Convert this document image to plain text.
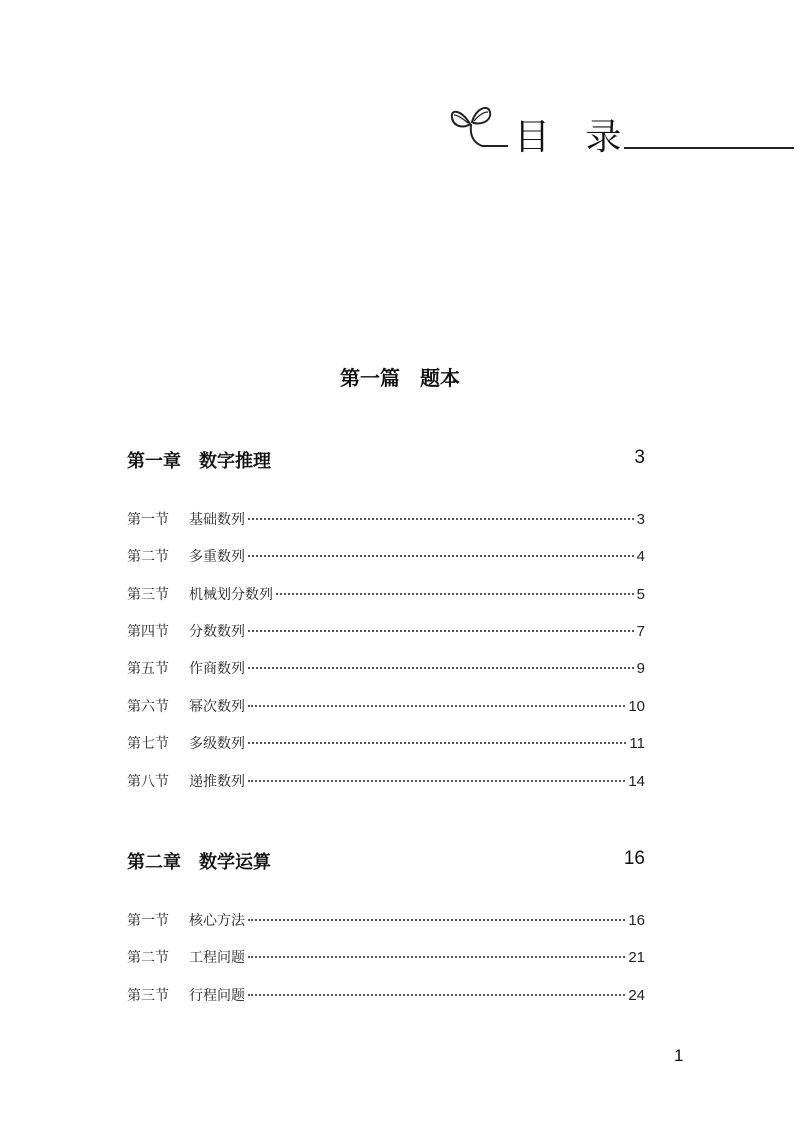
目 录
第一篇　题本
第一章　数字推理	3
第一节	基础数列	3
第二节	多重数列	4
第三节	机械划分数列	5
第四节	分数数列	7
第五节	作商数列	9
第六节	幂次数列	10
第七节	多级数列	11
第八节	递推数列	14
第二章　数学运算	16
第一节	核心方法	16
第二节	工程问题	21
第三节	行程问题	24
1
